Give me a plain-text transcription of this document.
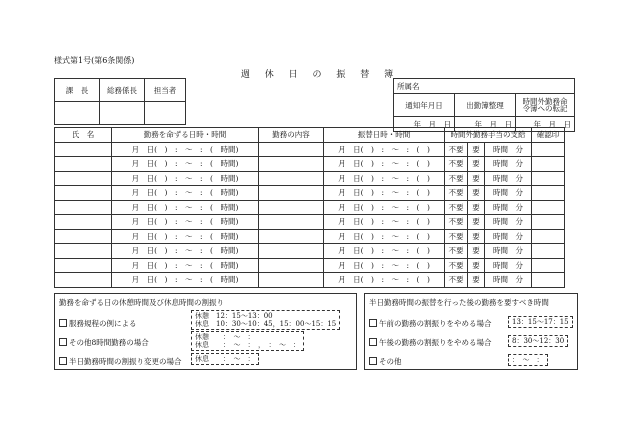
様式第1号(第6条関係)
週 休 日 の 振 替 簿
課　長	総務係長	担当者
			所属名		
通知年月日	出勤簿整理	時間外勤務命
令簿への転記
年　月　日	年　月　日	年　月　日
氏　名	勤務を命ずる日時・時間	勤務の内容	振替日時・時間	時間外勤務手当の支給			確認印
	月　日(　)　:　〜　:　(　時間)		月　日(　)　:　〜　:　(　)	不要	要	時間　分	
	月　日(　)　:　〜　:　(　時間)		月　日(　)　:　〜　:　(　)	不要	要	時間　分	
	月　日(　)　:　〜　:　(　時間)		月　日(　)　:　〜　:　(　)	不要	要	時間　分	
	月　日(　)　:　〜　:　(　時間)		月　日(　)　:　〜　:　(　)	不要	要	時間　分	
	月　日(　)　:　〜　:　(　時間)		月　日(　)　:　〜　:　(　)	不要	要	時間　分	
	月　日(　)　:　〜　:　(　時間)		月　日(　)　:　〜　:　(　)	不要	要	時間　分	
	月　日(　)　:　〜　:　(　時間)		月　日(　)　:　〜　:　(　)	不要	要	時間　分	
	月　日(　)　:　〜　:　(　時間)		月　日(　)　:　〜　:　(　)	不要	要	時間　分	
	月　日(　)　:　〜　:　(　時間)		月　日(　)　:　〜　:　(　)	不要	要	時間　分	
	月　日(　)　:　〜　:　(　時間)		月　日(　)　:　〜　:　(　)	不要	要	時間　分	
勤務を命ずる日の休憩時間及び休息時間の割振り
服務規程の例による
休憩　12：15〜13：00
休息　10：30〜10：45，15：00〜15：15
その他8時間勤務の場合
休憩　　：　〜　：
休息　　：　〜　：　，　：　〜　：
半日勤務時間の割振り変更の場合	休息　　：　〜　：
半日勤務時間の振替を行った後の勤務を要すべき時間
午前の勤務の割振りをやめる場合	13：15〜17：15
午後の勤務の割振りをやめる場合	8：30〜12：30
その他	：　〜　：
